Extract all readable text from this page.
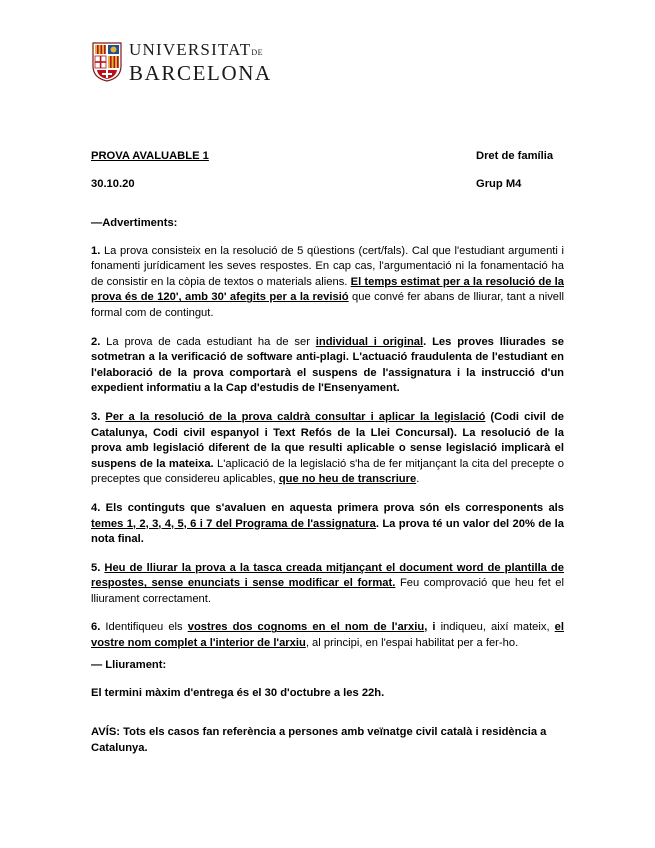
UNIVERSITATDE
BARCELONA
PROVA AVALUABLE 1	Dret de família
30.10.20	Grup M4
—Advertiments:

1. La prova consisteix en la resolució de 5 qüestions (cert/fals). Cal que l'estudiant argumenti i fonamenti jurídicament les seves respostes. En cap cas, l'argumentació ni la fonamentació ha de consistir en la còpia de textos o materials aliens. El temps estimat per a la resolució de la prova és de 120', amb 30' afegits per a la revisió que convé fer abans de lliurar, tant a nivell formal com de contingut.

2. La prova de cada estudiant ha de ser individual i original. Les proves lliurades se sotmetran a la verificació de software anti-plagi. L'actuació fraudulenta de l'estudiant en l'elaboració de la prova comportarà el suspens de l'assignatura i la instrucció d'un expedient informatiu a la Cap d'estudis de l'Ensenyament.

3. Per a la resolució de la prova caldrà consultar i aplicar la legislació (Codi civil de Catalunya, Codi civil espanyol i Text Refós de la Llei Concursal). La resolució de la prova amb legislació diferent de la que resulti aplicable o sense legislació implicarà el suspens de la mateixa. L'aplicació de la legislació s'ha de fer mitjançant la cita del precepte o preceptes que considereu aplicables, que no heu de transcriure.

4. Els continguts que s'avaluen en aquesta primera prova són els corresponents als temes 1, 2, 3, 4, 5, 6 i 7 del Programa de l'assignatura. La prova té un valor del 20% de la nota final.

5. Heu de lliurar la prova a la tasca creada mitjançant el document word de plantilla de respostes, sense enunciats i sense modificar el format. Feu comprovació que heu fet el lliurament correctament.

6. Identifiqueu els vostres dos cognoms en el nom de l'arxiu, i indiqueu, així mateix, el vostre nom complet a l'interior de l'arxiu, al principi, en l'espai habilitat per a fer-ho.

— Lliurament:

El termini màxim d'entrega és el 30 d'octubre a les 22h.

AVÍS: Tots els casos fan referència a persones amb veïnatge civil català i residència a Catalunya.
